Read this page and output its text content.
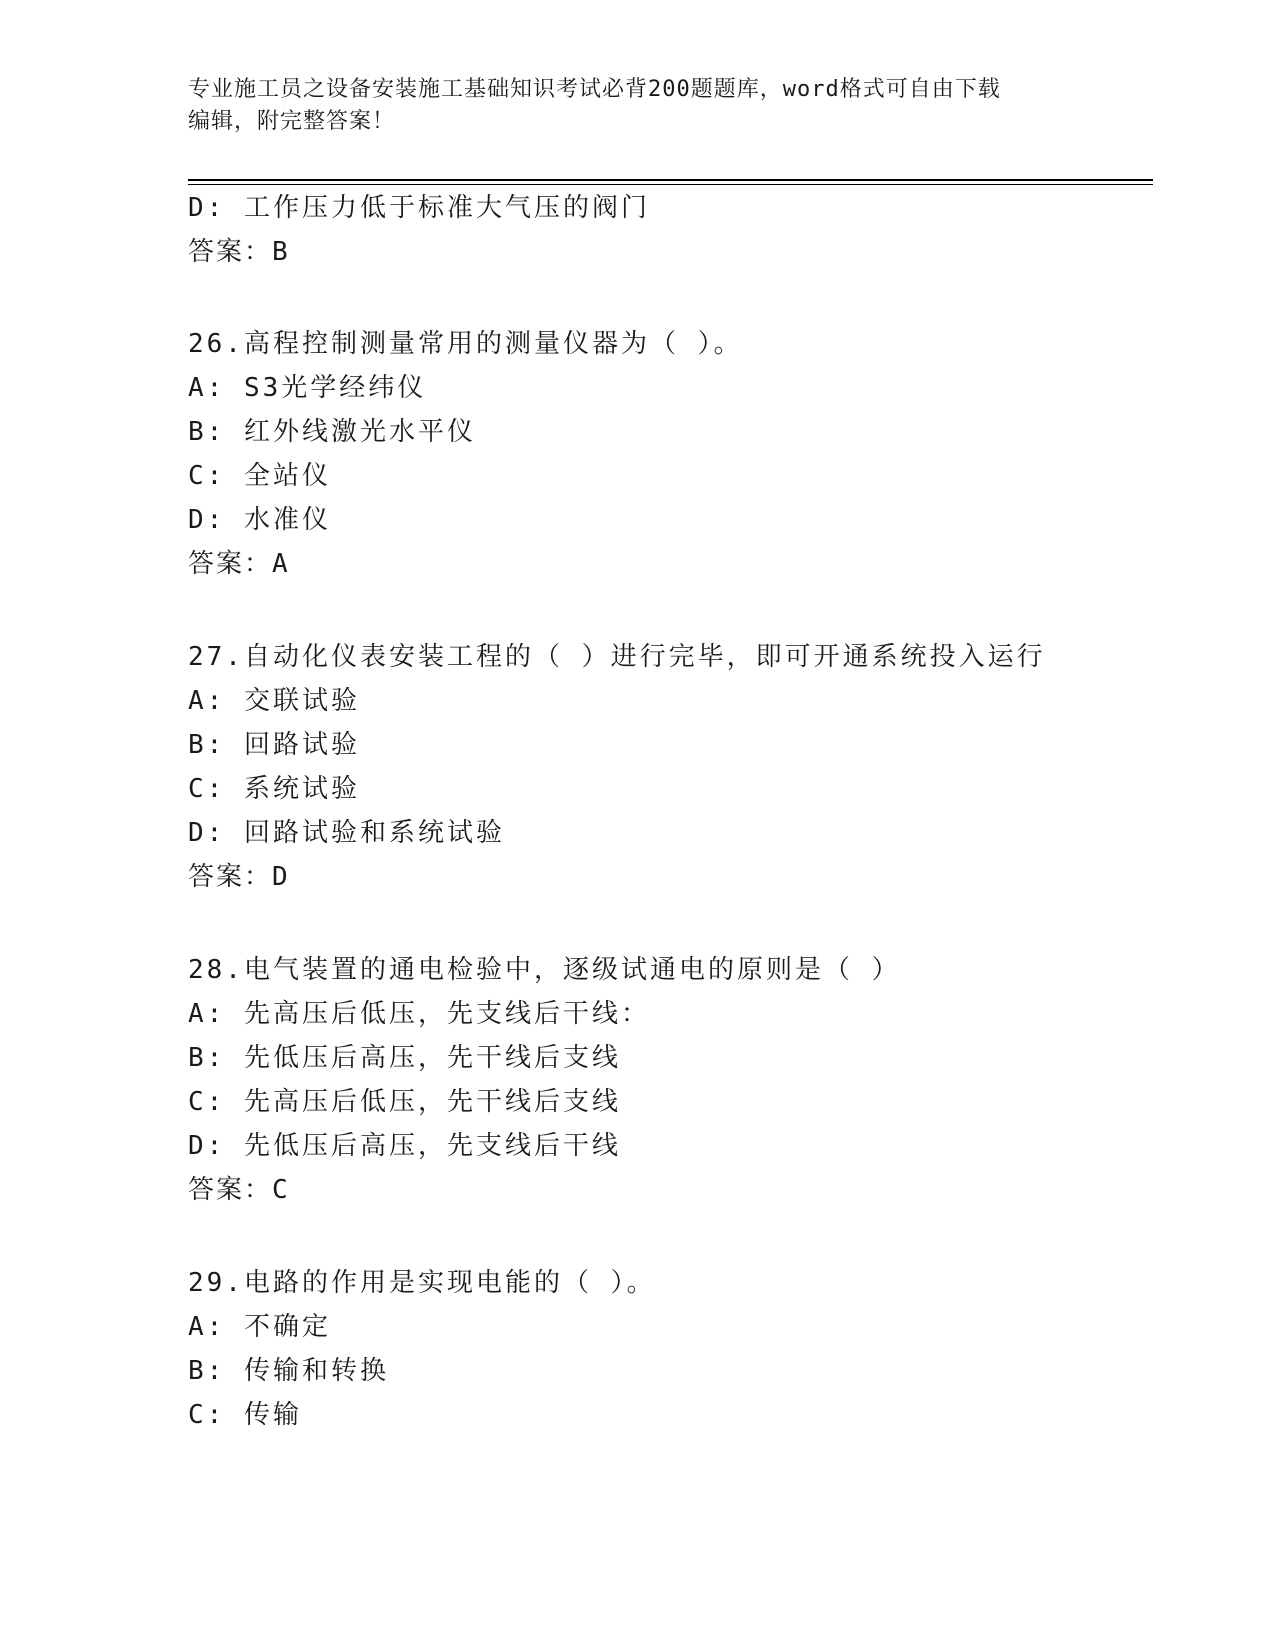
专业施工员之设备安装施工基础知识考试必背200题题库，word格式可自由下载
编辑，附完整答案！
D: 工作压力低于标准大气压的阀门
答案：B
26.高程控制测量常用的测量仪器为（ ）。
A: S3光学经纬仪
B: 红外线激光水平仪
C: 全站仪
D: 水准仪
答案：A
27.自动化仪表安装工程的（ ）进行完毕，即可开通系统投入运行
A: 交联试验
B: 回路试验
C: 系统试验
D: 回路试验和系统试验
答案：D
28.电气装置的通电检验中，逐级试通电的原则是（ ）
A: 先高压后低压，先支线后干线：
B: 先低压后高压，先干线后支线
C: 先高压后低压，先干线后支线
D: 先低压后高压，先支线后干线
答案：C
29.电路的作用是实现电能的（ ）。
A: 不确定
B: 传输和转换
C: 传输
